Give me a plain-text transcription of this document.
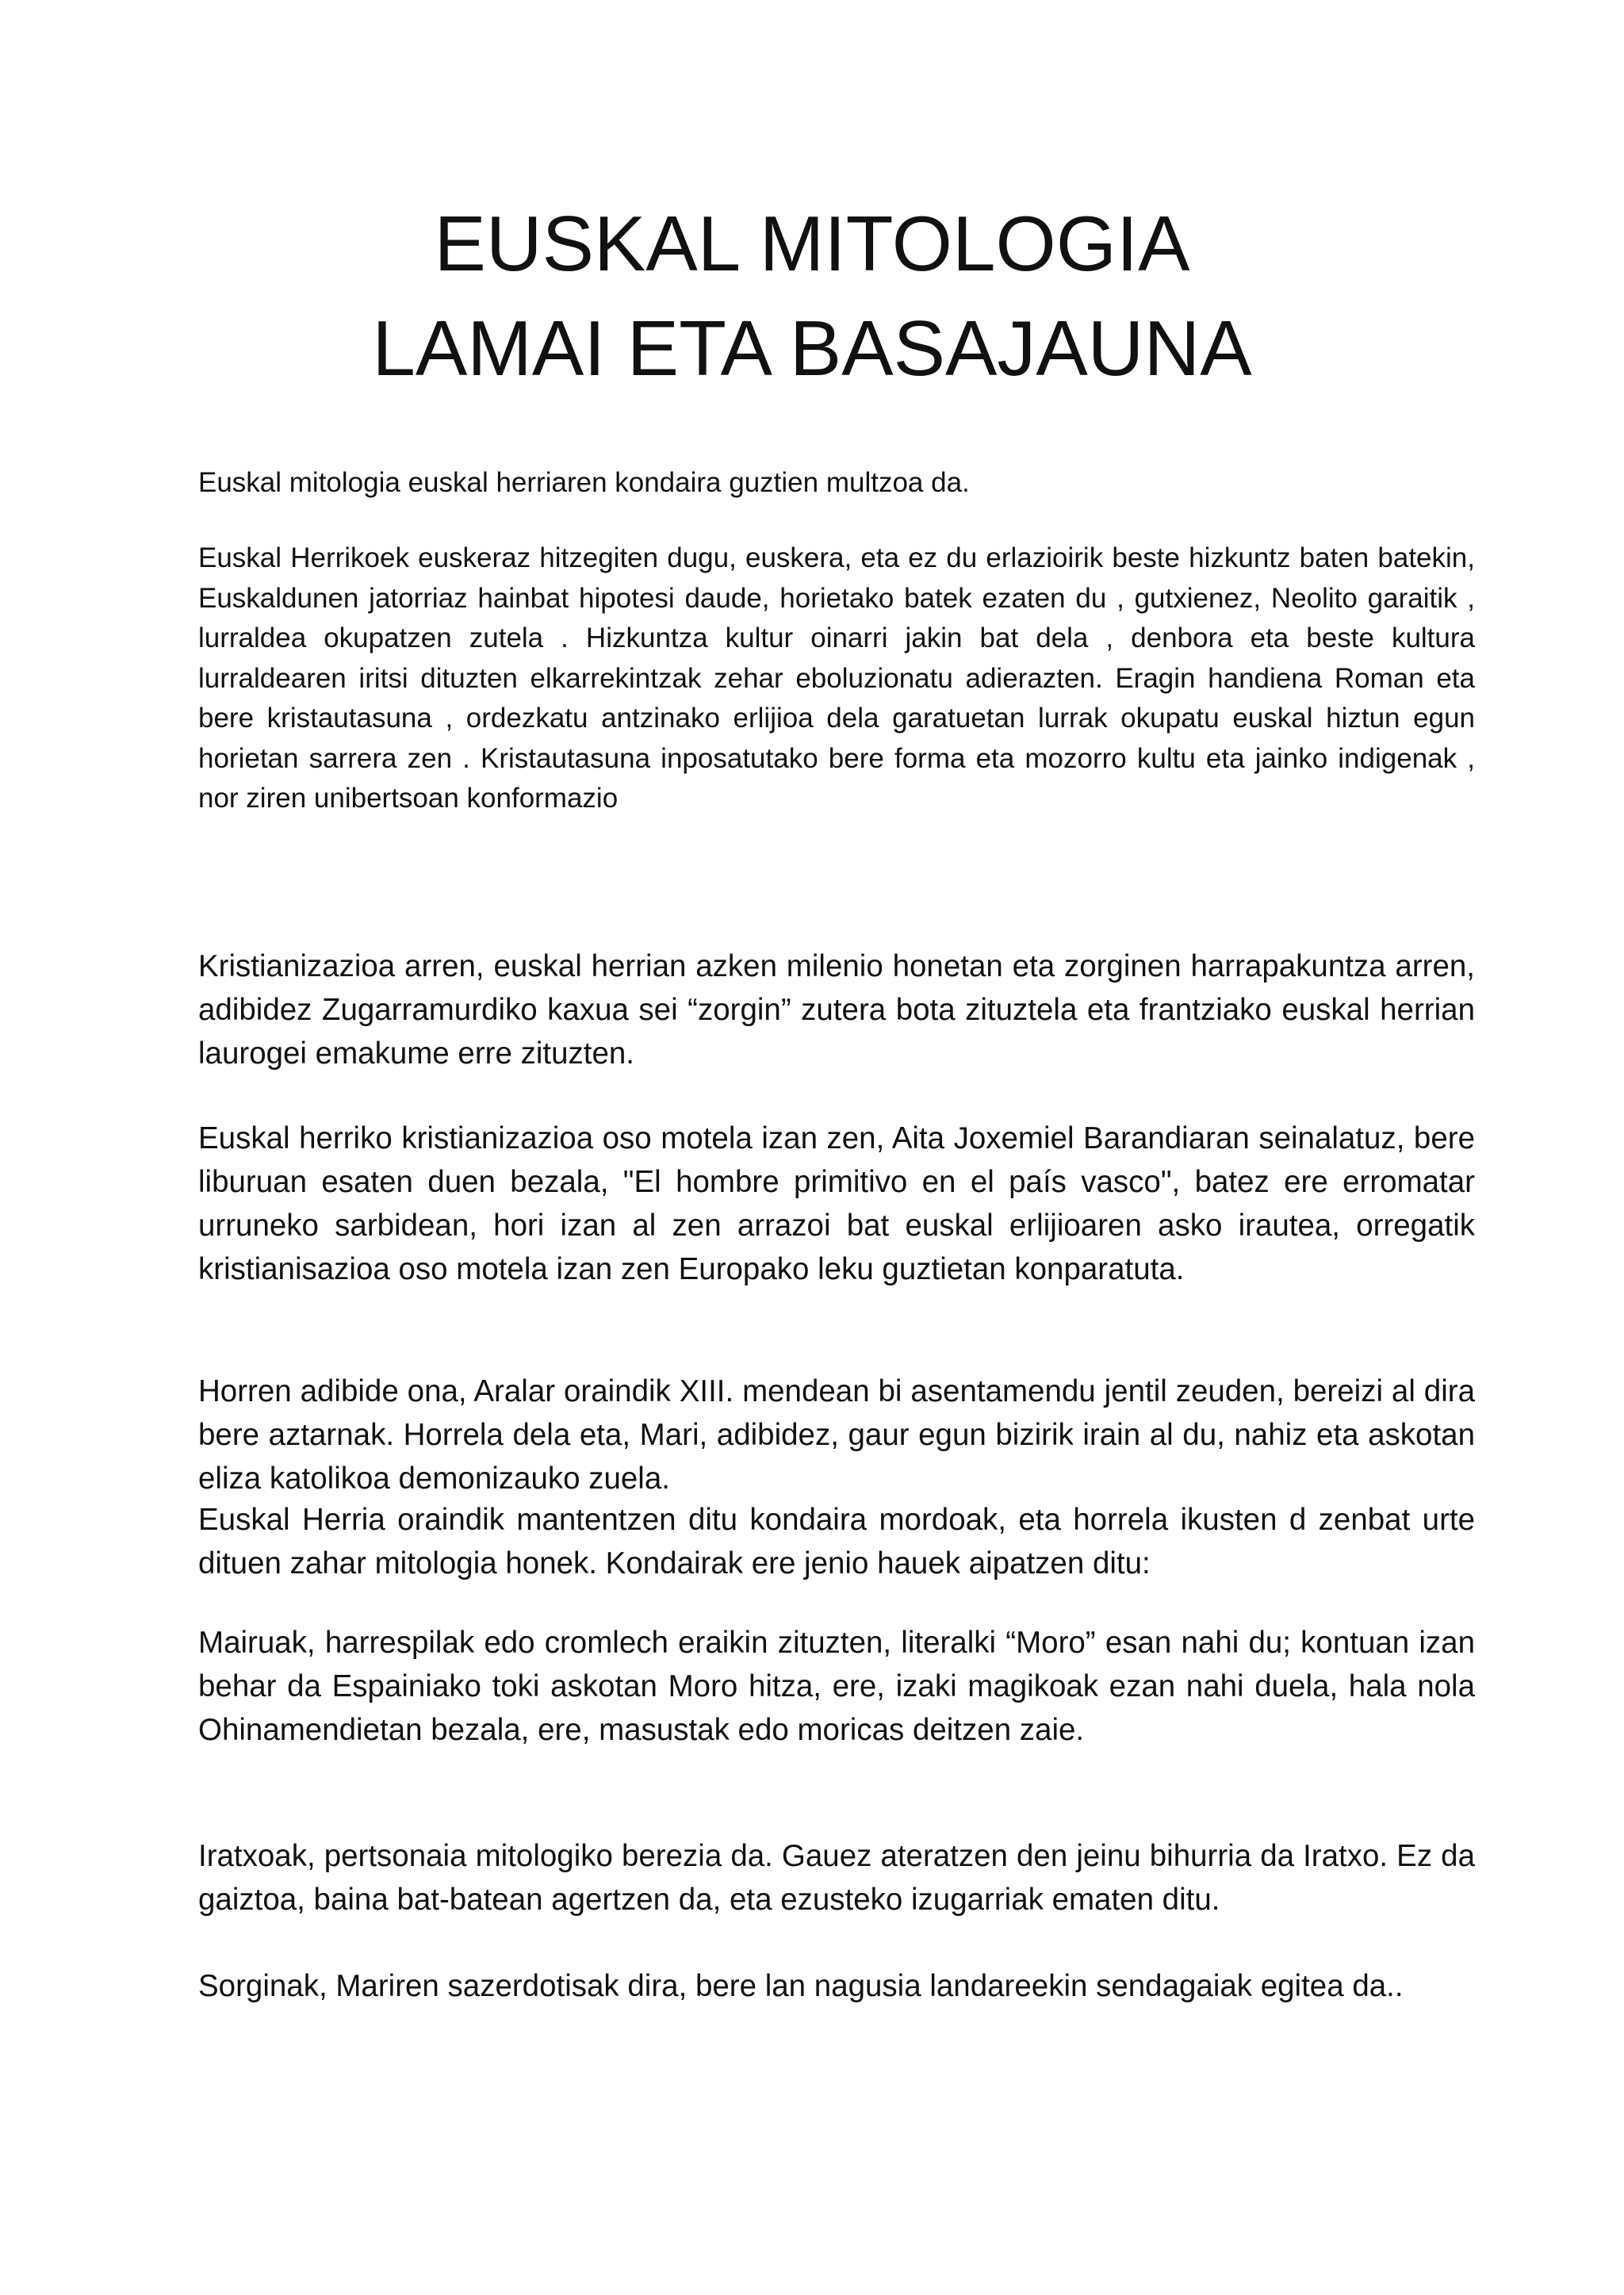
EUSKAL MITOLOGIA
LAMAI ETA BASAJAUNA

Euskal mitologia euskal herriaren kondaira guztien multzoa da.

Euskal Herrikoek euskeraz hitzegiten dugu, euskera, eta ez du erlazioirik beste hizkuntz baten batekin, Euskaldunen jatorriaz hainbat hipotesi daude, horietako batek ezaten du , gutxienez, Neolito garaitik , lurraldea okupatzen zutela . Hizkuntza kultur oinarri jakin bat dela , denbora eta beste kultura lurraldearen iritsi dituzten elkarrekintzak zehar eboluzionatu adierazten. Eragin handiena Roman eta bere kristautasuna , ordezkatu antzinako erlijioa dela garatuetan lurrak okupatu euskal hiztun egun horietan sarrera zen . Kristautasuna inposatutako bere forma eta mozorro kultu eta jainko indigenak , nor ziren unibertsoan konformazio

Kristianizazioa arren, euskal herrian azken milenio honetan eta zorginen harrapakuntza arren, adibidez Zugarramurdiko kaxua sei “zorgin” zutera bota zituztela eta frantziako euskal herrian laurogei emakume erre zituzten.

Euskal herriko kristianizazioa oso motela izan zen, Aita Joxemiel Barandiaran seinalatuz, bere liburuan esaten duen bezala, "El hombre primitivo en el país vasco", batez ere erromatar urruneko sarbidean, hori izan al zen arrazoi bat euskal erlijioaren asko irautea, orregatik kristianisazioa oso motela izan zen Europako leku guztietan konparatuta.

Horren adibide ona, Aralar oraindik XIII. mendean bi asentamendu jentil zeuden, bereizi al dira bere aztarnak. Horrela dela eta, Mari, adibidez, gaur egun bizirik irain al du, nahiz eta askotan eliza katolikoa demonizauko zuela.

Euskal Herria oraindik mantentzen ditu kondaira mordoak, eta horrela ikusten d zenbat urte dituen zahar mitologia honek. Kondairak ere jenio hauek aipatzen ditu:

Mairuak, harrespilak edo cromlech eraikin zituzten, literalki “Moro” esan nahi du; kontuan izan behar da Espainiako toki askotan Moro hitza, ere, izaki magikoak ezan nahi duela, hala nola Ohinamendietan bezala, ere, masustak edo moricas deitzen zaie.

Iratxoak, pertsonaia mitologiko berezia da. Gauez ateratzen den jeinu bihurria da Iratxo. Ez da gaiztoa, baina bat-batean agertzen da, eta ezusteko izugarriak ematen ditu.

Sorginak, Mariren sazerdotisak dira, bere lan nagusia landareekin sendagaiak egitea da..
